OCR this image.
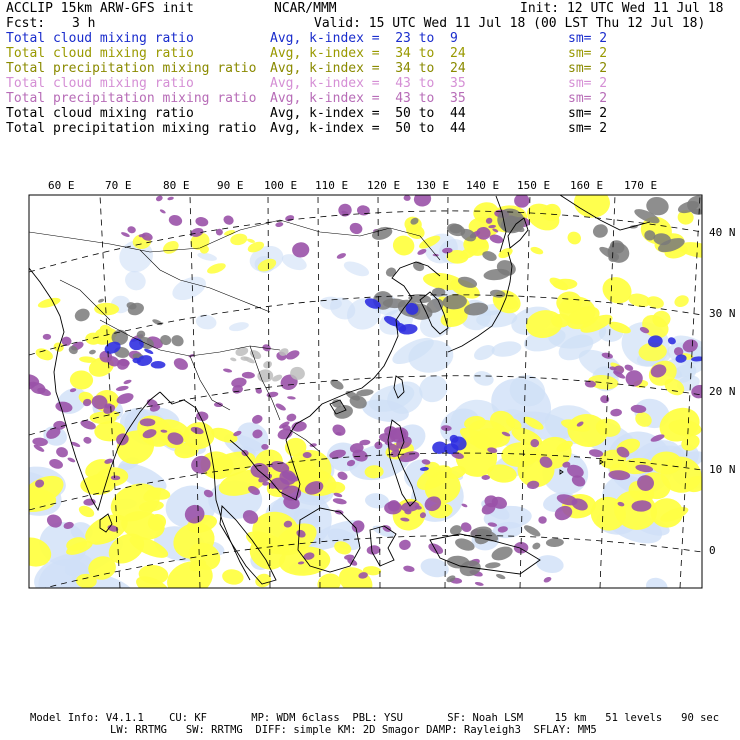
ACCLIP 15km ARW-GFS init	NCAR/MMM	Init: 12 UTC Wed 11 Jul 18
Fcst: 3 h	Valid: 15 UTC Wed 11 Jul 18 (00 LST Thu 12 Jul 18)
Total cloud mixing ratio	Avg, k-index =  23 to  9	sm= 2
Total cloud mixing ratio	Avg, k-index =  34 to  24	sm= 2
Total precipitation mixing ratio Avg, k-index =  34 to  24	sm= 2
Total cloud mixing ratio	Avg, k-index =  43 to  35	sm= 2
Total precipitation mixing ratio Avg, k-index =  43 to  35	sm= 2
Total cloud mixing ratio	Avg, k-index =  50 to  44	sm= 2
Total precipitation mixing ratio Avg, k-index =  50 to  44	sm= 2
60 E	70 E	80 E	90 E 100 E 110 E 120 E 130 E 140 E 150 E 160 E 170 E
40 N
30 N
20 N
10 N
0
Model Info: V4.1.1    CU: KF       MP: WDM 6class  PBL: YSU       SF: Noah LSM     15 km   51 levels   90 sec
LW: RRTMG   SW: RRTMG  DIFF: simple KM: 2D Smagor DAMP: Rayleigh3  SFLAY: MM5
